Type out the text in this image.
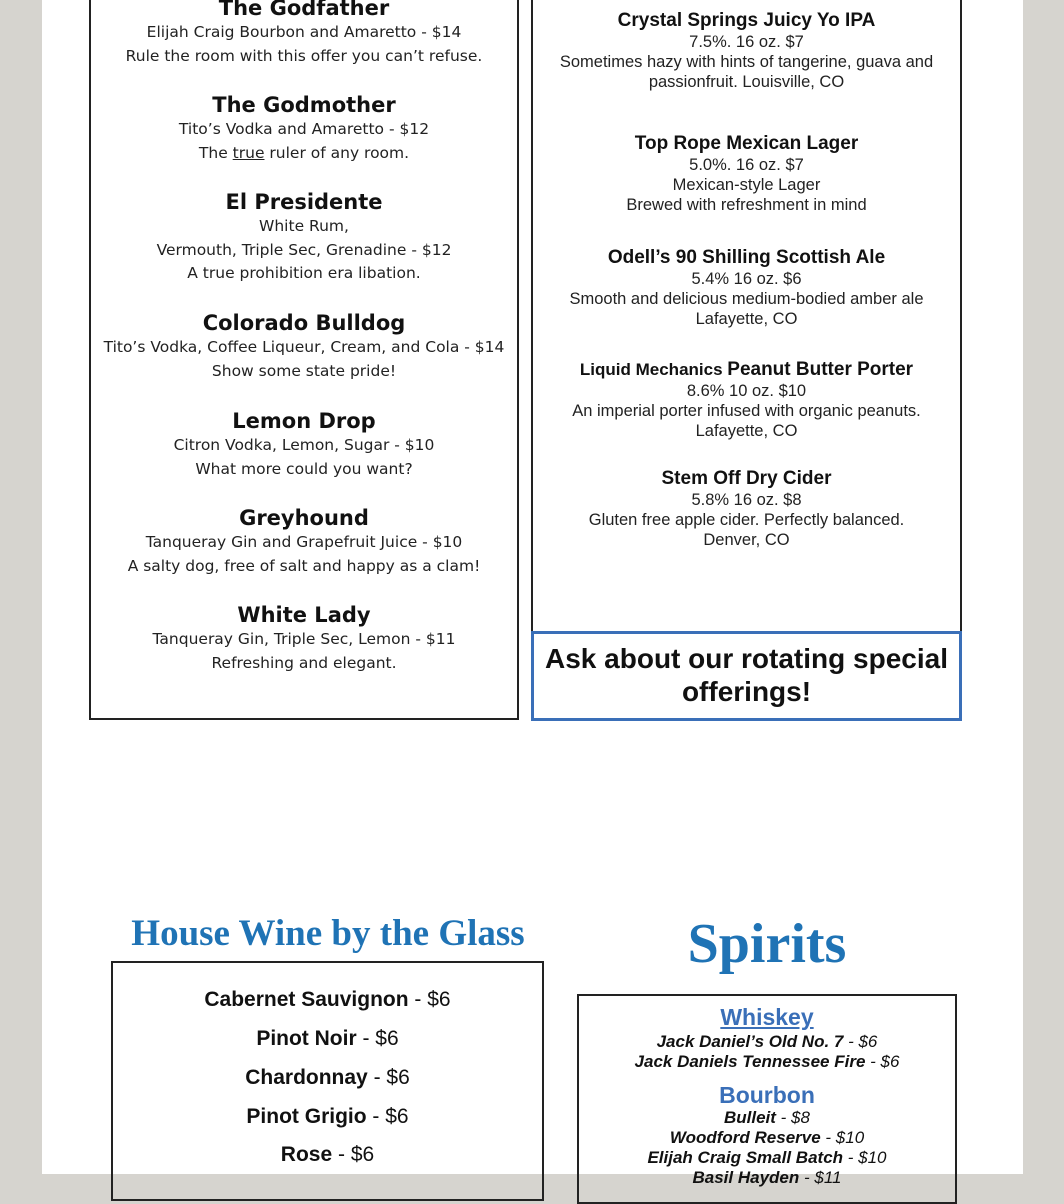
The Godfather
Elijah Craig Bourbon and Amaretto - $14
Rule the room with this offer you can’t refuse.
The Godmother
Tito’s Vodka and Amaretto - $12
The true ruler of any room.
El Presidente
White Rum,
Vermouth, Triple Sec, Grenadine - $12
A true prohibition era libation.
Colorado Bulldog
Tito’s Vodka, Coffee Liqueur, Cream, and Cola - $14
Show some state pride!
Lemon Drop
Citron Vodka, Lemon, Sugar - $10
What more could you want?
Greyhound
Tanqueray Gin and Grapefruit Juice - $10
A salty dog, free of salt and happy as a clam!
White Lady
Tanqueray Gin, Triple Sec, Lemon - $11
Refreshing and elegant.
Crystal Springs Juicy Yo IPA
7.5%. 16 oz. $7
Sometimes hazy with hints of tangerine, guava and
passionfruit. Louisville, CO
Top Rope Mexican Lager
5.0%. 16 oz. $7
Mexican-style Lager
Brewed with refreshment in mind
Odell’s 90 Shilling Scottish Ale
5.4% 16 oz. $6
Smooth and delicious medium-bodied amber ale
Lafayette, CO
Liquid Mechanics Peanut Butter Porter
8.6% 10 oz. $10
An imperial porter infused with organic peanuts.
Lafayette, CO
Stem Off Dry Cider
5.8% 16 oz. $8
Gluten free apple cider. Perfectly balanced.
Denver, CO
Ask about our rotating special
offerings!
House Wine by the Glass
Cabernet Sauvignon - $6
Pinot Noir - $6
Chardonnay - $6
Pinot Grigio - $6
Rose - $6
Spirits
Whiskey
Jack Daniel’s Old No. 7 - $6
Jack Daniels Tennessee Fire - $6
Bourbon
Bulleit - $8
Woodford Reserve - $10
Elijah Craig Small Batch - $10
Basil Hayden - $11
